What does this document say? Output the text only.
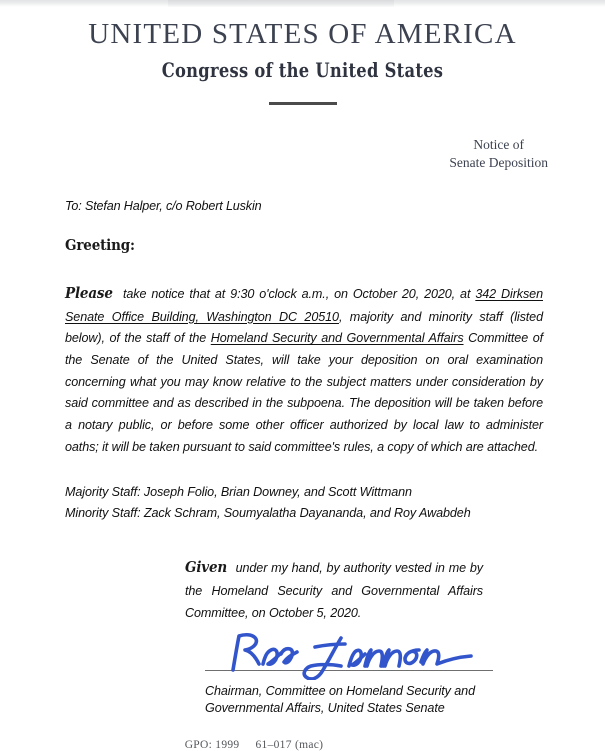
UNITED STATES OF AMERICA
Congress of the United States
Notice of
Senate Deposition
To: Stefan Halper, c/o Robert Luskin
Greeting:
Please take notice that at 9:30 o'clock a.m., on October 20, 2020, at 342 Dirksen Senate Office Building, Washington DC 20510, majority and minority staff (listed below), of the staff of the Homeland Security and Governmental Affairs Committee of the Senate of the United States, will take your deposition on oral examination concerning what you may know relative to the subject matters under consideration by said committee and as described in the subpoena. The deposition will be taken before a notary public, or before some other officer authorized by local law to administer oaths; it will be taken pursuant to said committee's rules, a copy of which are attached.
Majority Staff: Joseph Folio, Brian Downey, and Scott Wittmann
Minority Staff: Zack Schram, Soumyalatha Dayananda, and Roy Awabdeh
Given under my hand, by authority vested in me by the Homeland Security and Governmental Affairs Committee, on October 5, 2020.
Chairman, Committee on Homeland Security and
Governmental Affairs, United States Senate
GPO: 1999 61–017 (mac)
